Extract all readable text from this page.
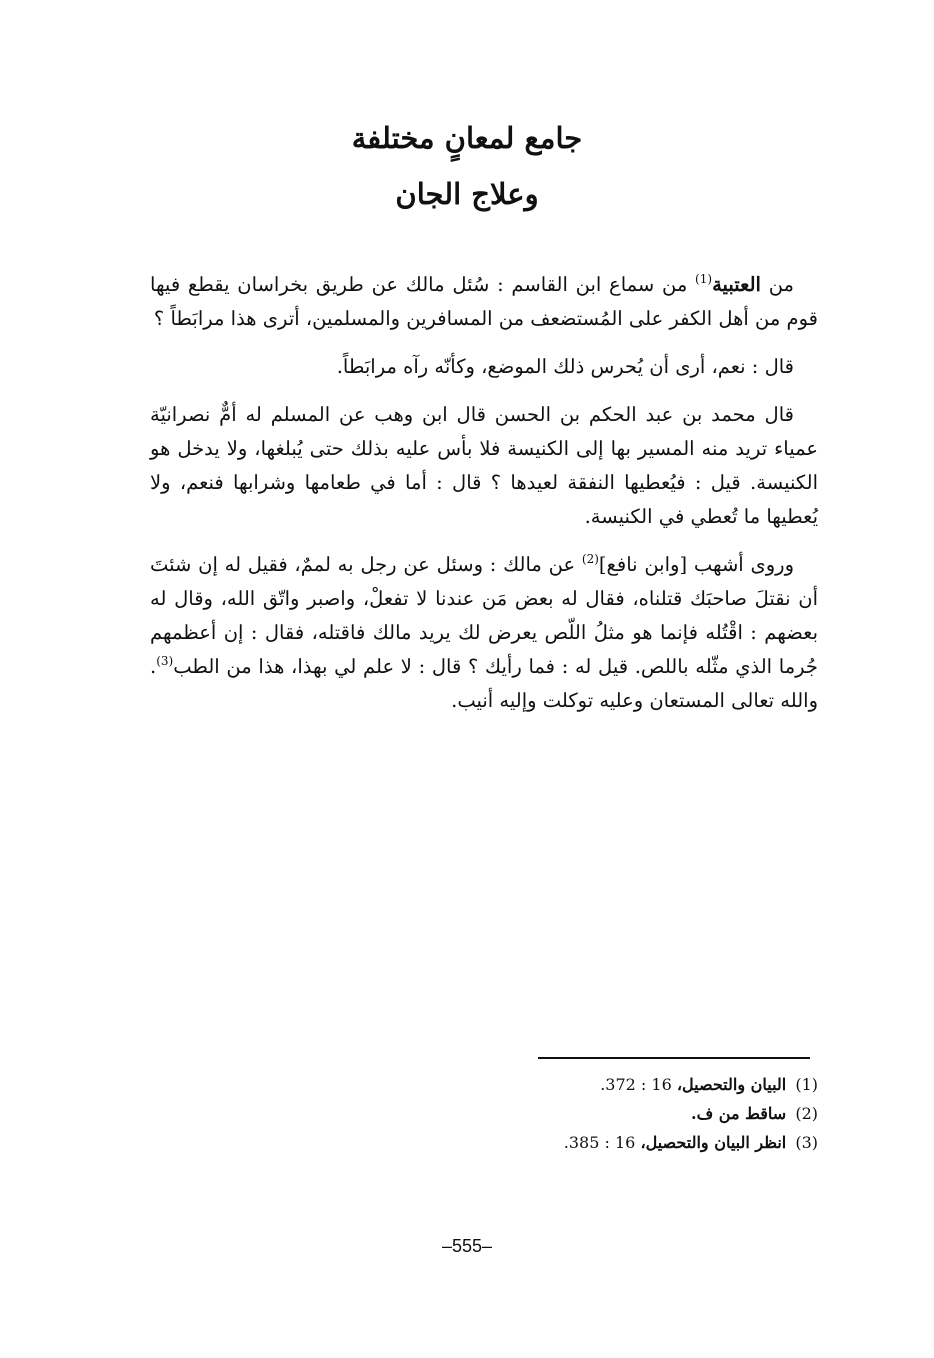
جامع لمعانٍ مختلفة
وعلاج الجان

من العتبية$^{(1)}$ من سماع ابن القاسم : سُئل مالك عن طريق بخراسان يقطع فيها قوم من أهل الكفر على المُستضعف من المسافرين والمسلمين، أترى هذا مرابَطاً ؟

قال : نعم، أرى أن يُحرس ذلك الموضع، وكأنّه رآه مرابَطاً.

قال محمد بن عبد الحكم بن الحسن قال ابن وهب عن المسلم له أمٌّ نصرانيّة عمياء تريد منه المسير بها إلى الكنيسة فلا بأس عليه بذلك حتى يُبلغها، ولا يدخل هو الكنيسة. قيل : فيُعطيها النفقة لعيدها ؟ قال : أما في طعامها وشرابها فنعم، ولا يُعطيها ما تُعطي في الكنيسة.

وروى أشهب [وابن نافع]$^{(2)}$ عن مالك : وسئل عن رجل به لممٌ، فقيل له إن شئتَ أن نقتلَ صاحبَك قتلناه، فقال له بعض مَن عندنا لا تفعلْ، واصبر واتّق الله، وقال له بعضهم : اقْتُله فإنما هو مثلُ اللّص يعرض لك يريد مالك فاقتله، فقال : إن أعظمهم جُرما الذي مثّله باللص. قيل له : فما رأيك ؟ قال : لا علم لي بهذا، هذا من الطب$^{(3)}$. والله تعالى المستعان وعليه توكلت وإليه أنيب.

(1) البيان والتحصيل، 16 : 372.
(2) ساقط من ف.
(3) انظر البيان والتحصيل، 16 : 385.
–555–
